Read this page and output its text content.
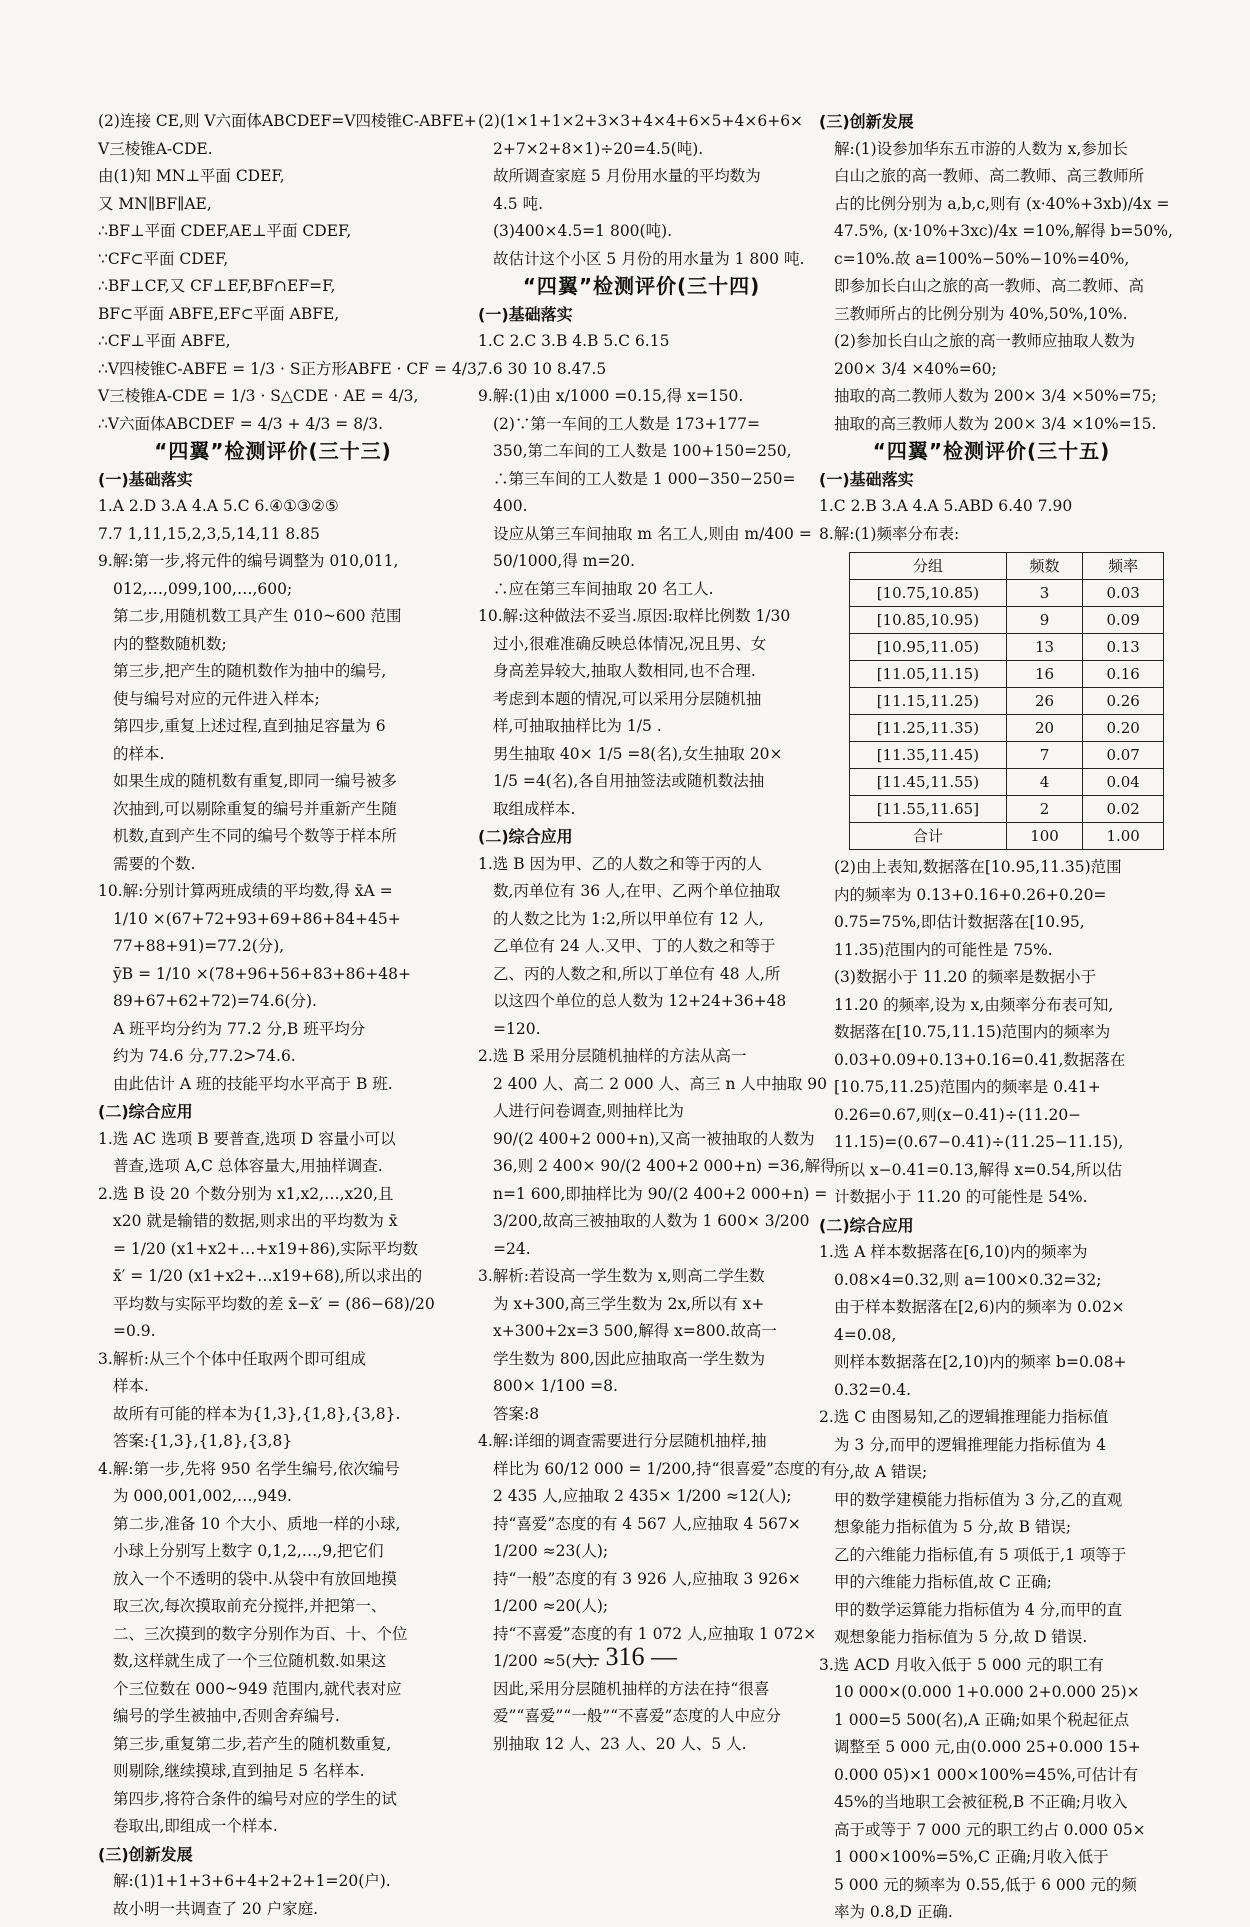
(2)连接 CE,则 V六面体ABCDEF=V四棱锥C-ABFE+

V三棱锥A-CDE.

由(1)知 MN⊥平面 CDEF,

又 MN∥BF∥AE,

∴BF⊥平面 CDEF,AE⊥平面 CDEF,

∵CF⊂平面 CDEF,

∴BF⊥CF,又 CF⊥EF,BF∩EF=F,

BF⊂平面 ABFE,EF⊂平面 ABFE,

∴CF⊥平面 ABFE,

∴V四棱锥C-ABFE = 1/3 · S正方形ABFE · CF = 4/3,

V三棱锥A-CDE = 1/3 · S△CDE · AE = 4/3,

∴V六面体ABCDEF = 4/3 + 4/3 = 8/3.

“四翼”检测评价(三十三)

(一)基础落实

1.A 2.D 3.A 4.A 5.C 6.④①③②⑤

7.7 1,11,15,2,3,5,14,11 8.85

9.解:第一步,将元件的编号调整为 010,011,

012,…,099,100,…,600;

第二步,用随机数工具产生 010~600 范围

内的整数随机数;

第三步,把产生的随机数作为抽中的编号,

使与编号对应的元件进入样本;

第四步,重复上述过程,直到抽足容量为 6

的样本.

如果生成的随机数有重复,即同一编号被多

次抽到,可以剔除重复的编号并重新产生随

机数,直到产生不同的编号个数等于样本所

需要的个数.

10.解:分别计算两班成绩的平均数,得 x̄A =

1/10 ×(67+72+93+69+86+84+45+

77+88+91)=77.2(分),

ȳB = 1/10 ×(78+96+56+83+86+48+

89+67+62+72)=74.6(分).

A 班平均分约为 77.2 分,B 班平均分

约为 74.6 分,77.2>74.6.

由此估计 A 班的技能平均水平高于 B 班.

(二)综合应用

1.选 AC 选项 B 要普查,选项 D 容量小可以

普查,选项 A,C 总体容量大,用抽样调查.

2.选 B 设 20 个数分别为 x1,x2,…,x20,且

x20 就是输错的数据,则求出的平均数为 x̄

= 1/20 (x1+x2+…+x19+86),实际平均数

x̄′ = 1/20 (x1+x2+…x19+68),所以求出的

平均数与实际平均数的差 x̄−x̄′ = (86−68)/20

=0.9.

3.解析:从三个个体中任取两个即可组成

样本.

故所有可能的样本为{1,3},{1,8},{3,8}.

答案:{1,3},{1,8},{3,8}

4.解:第一步,先将 950 名学生编号,依次编号

为 000,001,002,…,949.

第二步,准备 10 个大小、质地一样的小球,

小球上分别写上数字 0,1,2,…,9,把它们

放入一个不透明的袋中.从袋中有放回地摸

取三次,每次摸取前充分搅拌,并把第一、

二、三次摸到的数字分别作为百、十、个位

数,这样就生成了一个三位随机数.如果这

个三位数在 000~949 范围内,就代表对应

编号的学生被抽中,否则舍弃编号.

第三步,重复第二步,若产生的随机数重复,

则剔除,继续摸球,直到抽足 5 名样本.

第四步,将符合条件的编号对应的学生的试

卷取出,即组成一个样本.

(三)创新发展

解:(1)1+1+3+6+4+2+2+1=20(户).

故小明一共调查了 20 户家庭.

(2)(1×1+1×2+3×3+4×4+6×5+4×6+6×

2+7×2+8×1)÷20=4.5(吨).

故所调查家庭 5 月份用水量的平均数为

4.5 吨.

(3)400×4.5=1 800(吨).

故估计这个小区 5 月份的用水量为 1 800 吨.

“四翼”检测评价(三十四)

(一)基础落实

1.C 2.C 3.B 4.B 5.C 6.15

7.6 30 10 8.47.5

9.解:(1)由 x/1000 =0.15,得 x=150.

(2)∵第一车间的工人数是 173+177=

350,第二车间的工人数是 100+150=250,

∴第三车间的工人数是 1 000−350−250=

400.

设应从第三车间抽取 m 名工人,则由 m/400 =

50/1000,得 m=20.

∴应在第三车间抽取 20 名工人.

10.解:这种做法不妥当.原因:取样比例数 1/30

过小,很难准确反映总体情况,况且男、女

身高差异较大,抽取人数相同,也不合理.

考虑到本题的情况,可以采用分层随机抽

样,可抽取抽样比为 1/5 .

男生抽取 40× 1/5 =8(名),女生抽取 20×

1/5 =4(名),各自用抽签法或随机数法抽

取组成样本.

(二)综合应用

1.选 B 因为甲、乙的人数之和等于丙的人

数,丙单位有 36 人,在甲、乙两个单位抽取

的人数之比为 1:2,所以甲单位有 12 人,

乙单位有 24 人.又甲、丁的人数之和等于

乙、丙的人数之和,所以丁单位有 48 人,所

以这四个单位的总人数为 12+24+36+48

=120.

2.选 B 采用分层随机抽样的方法从高一

2 400 人、高二 2 000 人、高三 n 人中抽取 90

人进行问卷调查,则抽样比为

90/(2 400+2 000+n),又高一被抽取的人数为

36,则 2 400× 90/(2 400+2 000+n) =36,解得

n=1 600,即抽样比为 90/(2 400+2 000+n) =

3/200,故高三被抽取的人数为 1 600× 3/200

=24.

3.解析:若设高一学生数为 x,则高二学生数

为 x+300,高三学生数为 2x,所以有 x+

x+300+2x=3 500,解得 x=800.故高一

学生数为 800,因此应抽取高一学生数为

800× 1/100 =8.

答案:8

4.解:详细的调查需要进行分层随机抽样,抽

样比为 60/12 000 = 1/200,持“很喜爱”态度的有

2 435 人,应抽取 2 435× 1/200 ≈12(人);

持“喜爱”态度的有 4 567 人,应抽取 4 567×

1/200 ≈23(人);

持“一般”态度的有 3 926 人,应抽取 3 926×

1/200 ≈20(人);

持“不喜爱”态度的有 1 072 人,应抽取 1 072×

1/200 ≈5(人).

因此,采用分层随机抽样的方法在持“很喜

爱”“喜爱”“一般”“不喜爱”态度的人中应分

别抽取 12 人、23 人、20 人、5 人.

(三)创新发展

解:(1)设参加华东五市游的人数为 x,参加长

白山之旅的高一教师、高二教师、高三教师所

占的比例分别为 a,b,c,则有 (x·40%+3xb)/4x =

47.5%, (x·10%+3xc)/4x =10%,解得 b=50%,

c=10%.故 a=100%−50%−10%=40%,

即参加长白山之旅的高一教师、高二教师、高

三教师所占的比例分别为 40%,50%,10%.

(2)参加长白山之旅的高一教师应抽取人数为

200× 3/4 ×40%=60;

抽取的高二教师人数为 200× 3/4 ×50%=75;

抽取的高三教师人数为 200× 3/4 ×10%=15.

“四翼”检测评价(三十五)

(一)基础落实

1.C 2.B 3.A 4.A 5.ABD 6.40 7.90

8.解:(1)频率分布表:

分组	频数	频率
[10.75,10.85)	3	0.03
[10.85,10.95)	9	0.09
[10.95,11.05)	13	0.13
[11.05,11.15)	16	0.16
[11.15,11.25)	26	0.26
[11.25,11.35)	20	0.20
[11.35,11.45)	7	0.07
[11.45,11.55)	4	0.04
[11.55,11.65]	2	0.02
合计	100	1.00

(2)由上表知,数据落在[10.95,11.35)范围

内的频率为 0.13+0.16+0.26+0.20=

0.75=75%,即估计数据落在[10.95,

11.35)范围内的可能性是 75%.

(3)数据小于 11.20 的频率是数据小于

11.20 的频率,设为 x,由频率分布表可知,

数据落在[10.75,11.15)范围内的频率为

0.03+0.09+0.13+0.16=0.41,数据落在

[10.75,11.25)范围内的频率是 0.41+

0.26=0.67,则(x−0.41)÷(11.20−

11.15)=(0.67−0.41)÷(11.25−11.15),

所以 x−0.41=0.13,解得 x=0.54,所以估

计数据小于 11.20 的可能性是 54%.

(二)综合应用

1.选 A 样本数据落在[6,10)内的频率为

0.08×4=0.32,则 a=100×0.32=32;

由于样本数据落在[2,6)内的频率为 0.02×

4=0.08,

则样本数据落在[2,10)内的频率 b=0.08+

0.32=0.4.

2.选 C 由图易知,乙的逻辑推理能力指标值

为 3 分,而甲的逻辑推理能力指标值为 4

分,故 A 错误;

甲的数学建模能力指标值为 3 分,乙的直观

想象能力指标值为 5 分,故 B 错误;

乙的六维能力指标值,有 5 项低于,1 项等于

甲的六维能力指标值,故 C 正确;

甲的数学运算能力指标值为 4 分,而甲的直

观想象能力指标值为 5 分,故 D 错误.

3.选 ACD 月收入低于 5 000 元的职工有

10 000×(0.000 1+0.000 2+0.000 25)×

1 000=5 500(名),A 正确;如果个税起征点

调整至 5 000 元,由(0.000 25+0.000 15+

0.000 05)×1 000×100%=45%,可估计有

45%的当地职工会被征税,B 不正确;月收入

高于或等于 7 000 元的职工约占 0.000 05×

1 000×100%=5%,C 正确;月收入低于

5 000 元的频率为 0.55,低于 6 000 元的频

率为 0.8,D 正确.

— 316 —
